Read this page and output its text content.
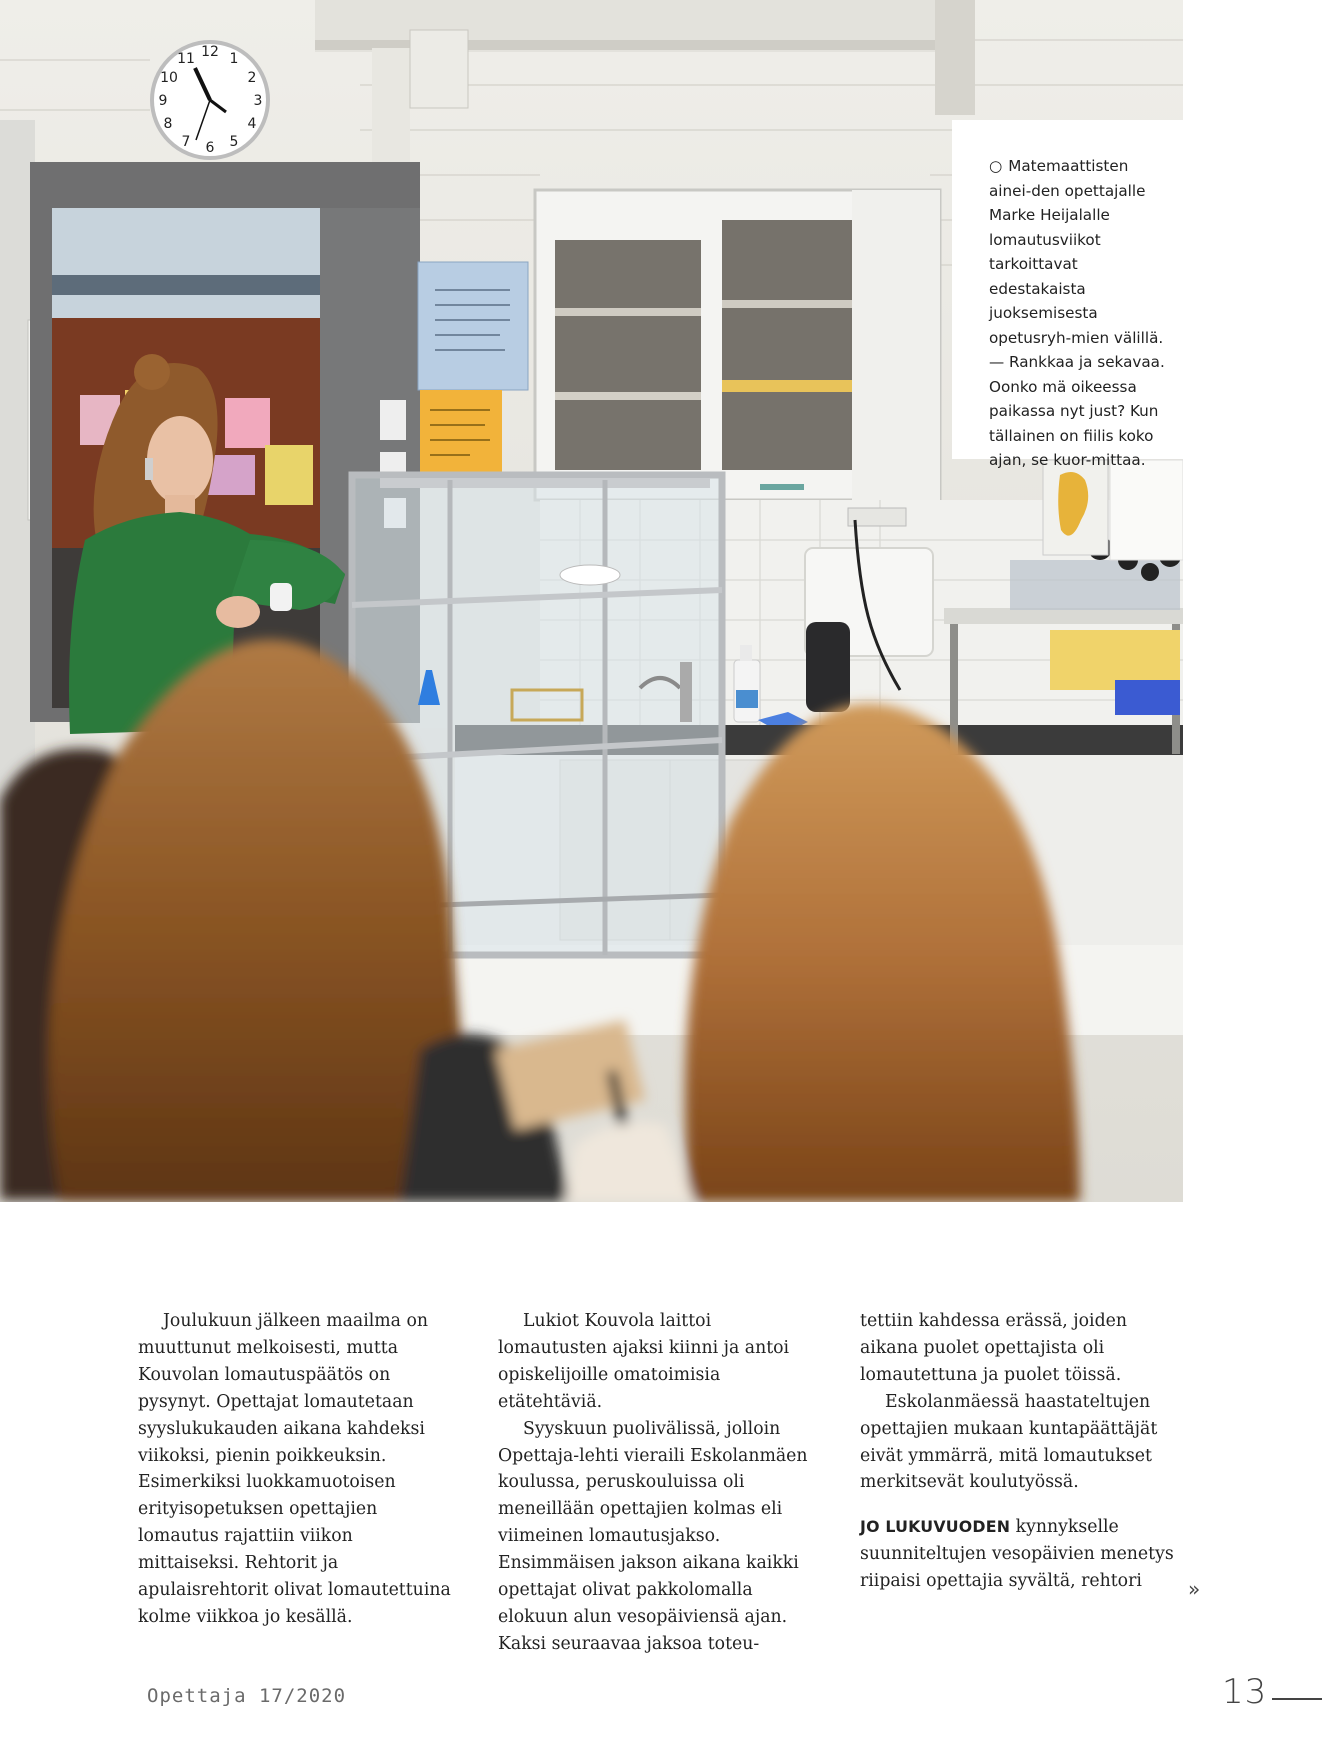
12 1
2
3
4
5
6
7
8
9
10
11
○ Matemaattisten ainei-den opettajalle Marke Heijalalle lomautusviikot tarkoittavat edestakaista juoksemisesta opetusryh-mien välillä. — Rankkaa ja sekavaa. Oonko mä oikeessa paikassa nyt just? Kun tällainen on fiilis koko ajan, se kuor-mittaa.

Joulukuun jälkeen maailma on muuttunut melkoisesti, mutta Kouvolan lomautuspäätös on pysynyt. Opettajat lomautetaan syyslukukauden aikana kahdeksi viikoksi, pienin poikkeuksin. Esimerkiksi luokkamuotoisen erityisopetuksen opettajien lomautus rajattiin viikon mittaiseksi. Rehtorit ja apulaisrehtorit olivat lomautettuina kolme viikkoa jo kesällä.

Lukiot Kouvola laittoi lomautusten ajaksi kiinni ja antoi opiskelijoille omatoimisia etätehtäviä.

Syyskuun puolivälissä, jolloin Opettaja-lehti vieraili Eskolanmäen koulussa, peruskouluissa oli meneillään opettajien kolmas eli viimeinen lomautusjakso. Ensimmäisen jakson aikana kaikki opettajat olivat pakkolomalla elokuun alun vesopäiviensä ajan. Kaksi seuraavaa jaksoa toteu-

tettiin kahdessa erässä, joiden aikana puolet opettajista oli lomautettuna ja puolet töissä.

Eskolanmäessä haastateltujen opettajien mukaan kuntapäättäjät eivät ymmärrä, mitä lomautukset merkitsevät koulutyössä.

JO LUKUVUODEN kynnykselle suunniteltujen vesopäivien menetys riipaisi opettajia syvältä, rehtori	»
Opettaja 17/2020	13
